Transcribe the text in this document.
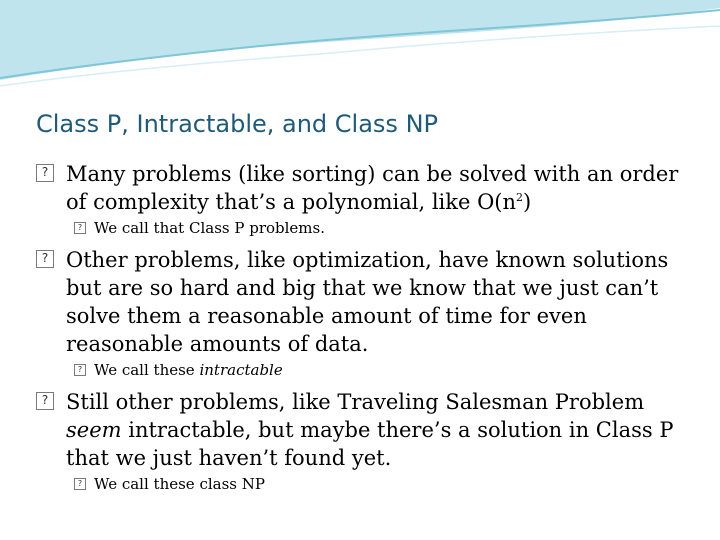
Class P, Intractable, and Class NP
? Many problems (like sorting) can be solved with an order of complexity that’s a polynomial, like $O(n^2)$
? We call that Class P problems.
? Other problems, like optimization, have known solutions but are so hard and big that we know that we just can’t solve them a reasonable amount of time for even reasonable amounts of data.
? We call these intractable
? Still other problems, like Traveling Salesman Problem seem intractable, but maybe there’s a solution in Class P that we just haven’t found yet.
? We call these class NP
